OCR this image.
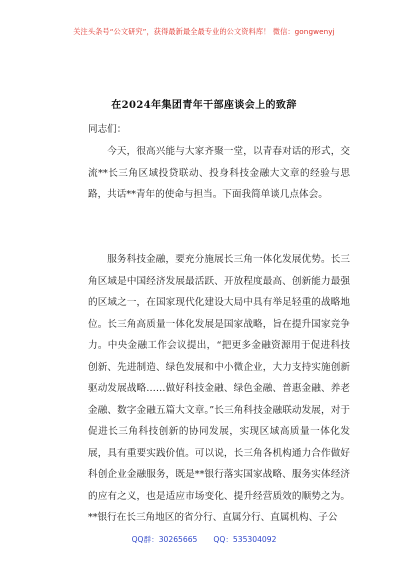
关注头条号“公文研究”，获得最新最全最专业的公文资料库！ 微信：gongwenyj
在2024年集团青年干部座谈会上的致辞

同志们：

今天，很高兴能与大家齐聚一堂，以青春对话的形式，交流**长三角区域投贷联动、投身科技金融大文章的经验与思路，共话**青年的使命与担当。下面我简单谈几点体会。

服务科技金融，要充分施展长三角一体化发展优势。长三角区域是中国经济发展最活跃、开放程度最高、创新能力最强的区域之一，在国家现代化建设大局中具有举足轻重的战略地位。长三角高质量一体化发展是国家战略，旨在提升国家竞争力。中央金融工作会议提出，“把更多金融资源用于促进科技创新、先进制造、绿色发展和中小微企业，大力支持实施创新驱动发展战略……做好科技金融、绿色金融、普惠金融、养老金融、数字金融五篇大文章。”长三角科技金融联动发展，对于促进长三角科技创新的协同发展，实现区域高质量一体化发展，具有重要实践价值。可以说，长三角各机构通力合作做好科创企业金融服务，既是**银行落实国家战略、服务实体经济的应有之义，也是适应市场变化、提升经营质效的顺势之为。**银行在长三角地区的省分行、直属分行、直属机构、子公

QQ群：30265665 QQ：535304092
